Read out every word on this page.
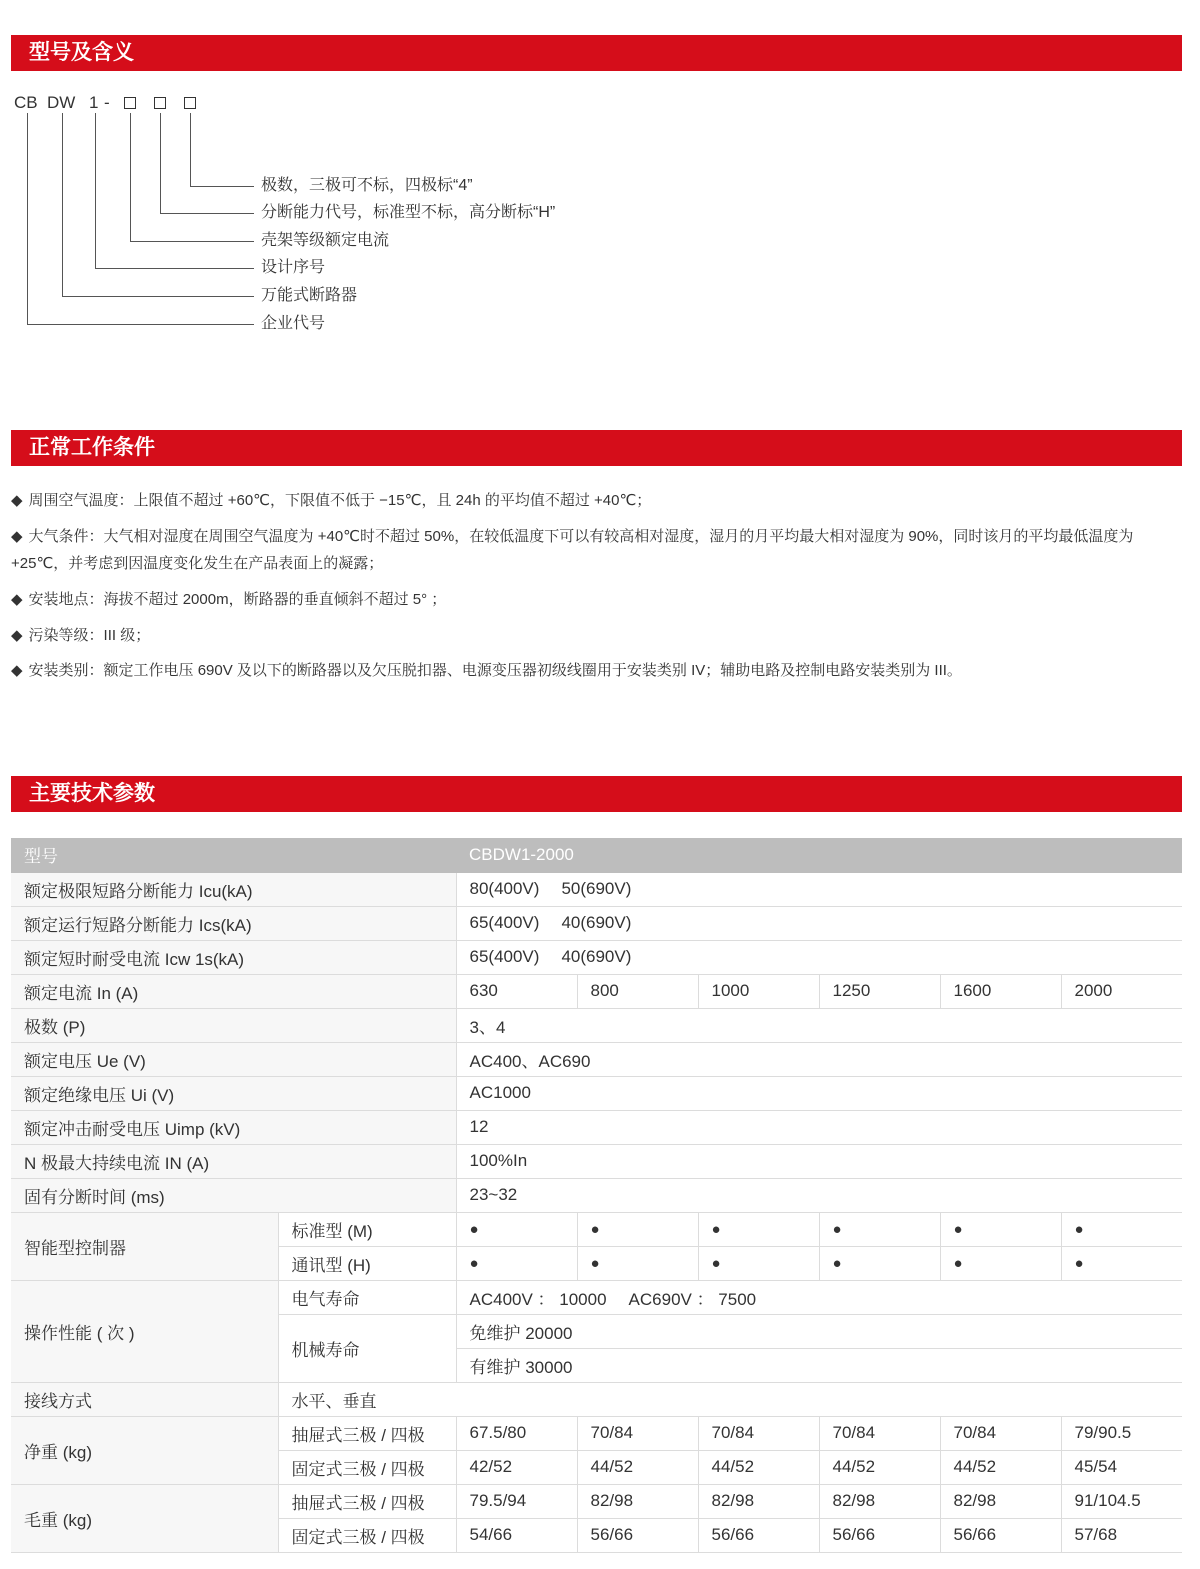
型号及含义
CB DW 1 -
极数，三极可不标，四极标“4”
分断能力代号，标准型不标，高分断标“H”
壳架等级额定电流
设计序号
万能式断路器
企业代号
正常工作条件
◆ 周围空气温度：上限值不超过 +60℃，下限值不低于 −15℃，且 24h 的平均值不超过 +40℃；
◆ 大气条件：大气相对湿度在周围空气温度为 +40℃时不超过 50%，在较低温度下可以有较高相对湿度，湿月的月平均最大相对湿度为 90%，同时该月的平均最低温度为 +25℃，并考虑到因温度变化发生在产品表面上的凝露；
◆ 安装地点：海拔不超过 2000m，断路器的垂直倾斜不超过 5° ；
◆ 污染等级：III 级；
◆ 安装类别：额定工作电压 690V 及以下的断路器以及欠压脱扣器、电源变压器初级线圈用于安装类别 IV；辅助电路及控制电路安装类别为 III。
主要技术参数
型号		CBDW1-2000					
额定极限短路分断能力 Icu(kA)		80(400V) 50(690V)					
额定运行短路分断能力 Ics(kA)		65(400V) 40(690V)					
额定短时耐受电流 Icw 1s(kA)		65(400V) 40(690V)					
额定电流 In (A)		630	800	1000	1250	1600	2000
极数 (P)		3、4					
额定电压 Ue (V)		AC400、AC690					
额定绝缘电压 Ui (V)		AC1000					
额定冲击耐受电压 Uimp (kV)		12					
N 极最大持续电流 IN (A)		100%In					
固有分断时间 (ms)		23~32					
智能型控制器	标准型 (M)	●	●	●	●	●	●
	通讯型 (H)	●	●	●	●	●	●
操作性能 ( 次 )	电气寿命	AC400V ： 10000 AC690V ： 7500					
	机械寿命	免维护 20000					
		有维护 30000					
接线方式	水平、垂直						
净重 (kg)	抽屉式三极 / 四极	67.5/80	70/84	70/84	70/84	70/84	79/90.5
	固定式三极 / 四极	42/52	44/52	44/52	44/52	44/52	45/54
毛重 (kg)	抽屉式三极 / 四极	79.5/94	82/98	82/98	82/98	82/98	91/104.5
	固定式三极 / 四极	54/66	56/66	56/66	56/66	56/66	57/68
